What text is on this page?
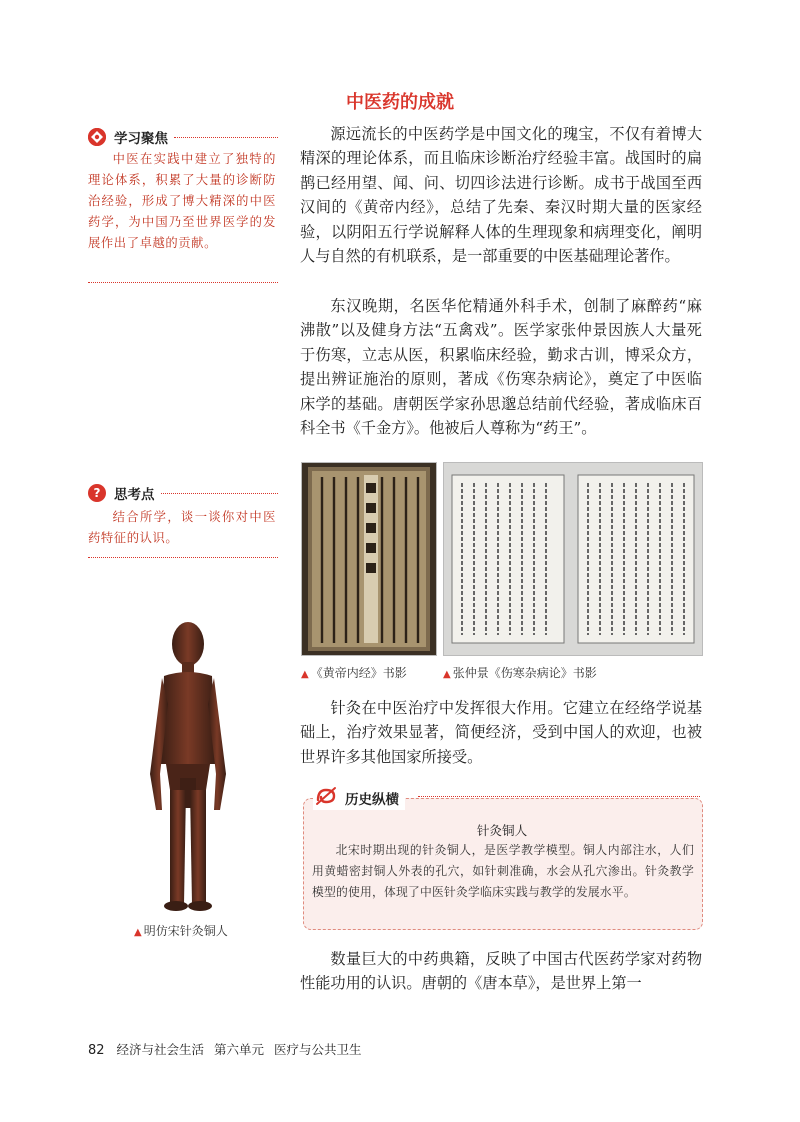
中医药的成就
学习聚焦
中医在实践中建立了独特的理论体系，积累了大量的诊断防治经验，形成了博大精深的中医药学，为中国乃至世界医学的发展作出了卓越的贡献。
?	思考点
结合所学，谈一谈你对中医药特征的认识。
源远流长的中医药学是中国文化的瑰宝，不仅有着博大精深的理论体系，而且临床诊断治疗经验丰富。战国时的扁鹊已经用望、闻、问、切四诊法进行诊断。成书于战国至西汉间的《黄帝内经》，总结了先秦、秦汉时期大量的医家经验，以阴阳五行学说解释人体的生理现象和病理变化，阐明人与自然的有机联系，是一部重要的中医基础理论著作。
东汉晚期，名医华佗精通外科手术，创制了麻醉药“麻沸散”以及健身方法“五禽戏”。医学家张仲景因族人大量死于伤寒，立志从医，积累临床经验，勤求古训，博采众方，提出辨证施治的原则，著成《伤寒杂病论》，奠定了中医临床学的基础。唐朝医学家孙思邈总结前代经验，著成临床百科全书《千金方》。他被后人尊称为“药王”。
▲ 《黄帝内经》书影	▲ 张仲景《伤寒杂病论》书影
▲ 明仿宋针灸铜人
针灸在中医治疗中发挥很大作用。它建立在经络学说基础上，治疗效果显著，简便经济，受到中国人的欢迎，也被世界许多其他国家所接受。
历史纵横
针灸铜人
北宋时期出现的针灸铜人，是医学教学模型。铜人内部注水，人们用黄蜡密封铜人外表的孔穴，如针刺准确，水会从孔穴渗出。针灸教学模型的使用，体现了中医针灸学临床实践与教学的发展水平。
数量巨大的中药典籍，反映了中国古代医药学家对药物性能功用的认识。唐朝的《唐本草》，是世界上第一
82 经济与社会生活 第六单元 医疗与公共卫生
